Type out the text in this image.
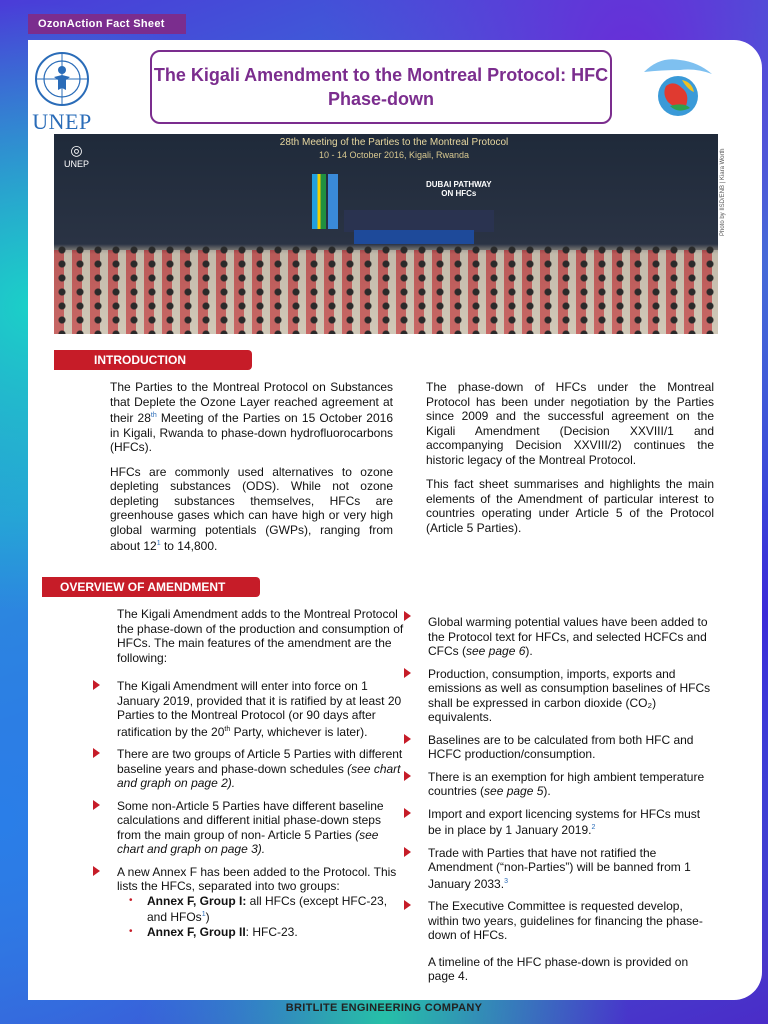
OzonAction Fact Sheet
UNEP
The Kigali Amendment to the Montreal Protocol: HFC Phase-down
◎
UNEP
28th Meeting of the Parties to the Montreal Protocol
10 - 14 October 2016, Kigali, Rwanda
DUBAI PATHWAY
ON HFCs	Photo by IISD/ENB | Kiara Worth
INTRODUCTION

The Parties to the Montreal Protocol on Substances that Deplete the Ozone Layer reached agreement at their 28th Meeting of the Parties on 15 October 2016 in Kigali, Rwanda to phase-down hydrofluorocarbons (HFCs).

HFCs are commonly used alternatives to ozone depleting substances (ODS). While not ozone depleting substances themselves, HFCs are greenhouse gases which can have high or very high global warming potentials (GWPs), ranging from about $12^1$ to 14,800.

The phase-down of HFCs under the Montreal Protocol has been under negotiation by the Parties since 2009 and the successful agreement on the Kigali Amendment (Decision XXVIII/1 and accompanying Decision XXVIII/2) continues the historic legacy of the Montreal Protocol.

This fact sheet summarises and highlights the main elements of the Amendment of particular interest to countries operating under Article 5 of the Protocol (Article 5 Parties).

OVERVIEW OF AMENDMENT

The Kigali Amendment adds to the Montreal Protocol the phase-down of the production and consumption of HFCs. The main features of the amendment are the following:

The Kigali Amendment will enter into force on 1 January 2019, provided that it is ratified by at least 20 Parties to the Montreal Protocol (or 90 days after ratification by the 20th Party, whichever is later).
There are two groups of Article 5 Parties with different baseline years and phase-down schedules (see chart and graph on page 2).
Some non-Article 5 Parties have different baseline calculations and different initial phase-down steps from the main group of non- Article 5 Parties (see chart and graph on page 3).
A new Annex F has been added to the Protocol. This lists the HFCs, separated into two groups:
• Annex F, Group I: all HFCs (except HFC-23, and HFOs$^1$)
• Annex F, Group II: HFC-23.
Global warming potential values have been added to the Protocol text for HFCs, and selected HCFCs and CFCs (see page 6).
Production, consumption, imports, exports and emissions as well as consumption baselines of HFCs shall be expressed in carbon dioxide (CO₂) equivalents.
Baselines are to be calculated from both HFC and HCFC production/consumption.
There is an exemption for high ambient temperature countries (see page 5).
Import and export licencing systems for HFCs must be in place by 1 January 2019.$^2$
Trade with Parties that have not ratified the Amendment (“non-Parties”) will be banned from 1 January 2033.$^3$
The Executive Committee is requested develop, within two years, guidelines for financing the phase-down of HFCs.

A timeline of the HFC phase-down is provided on page 4.

BRITLITE ENGINEERING COMPANY
